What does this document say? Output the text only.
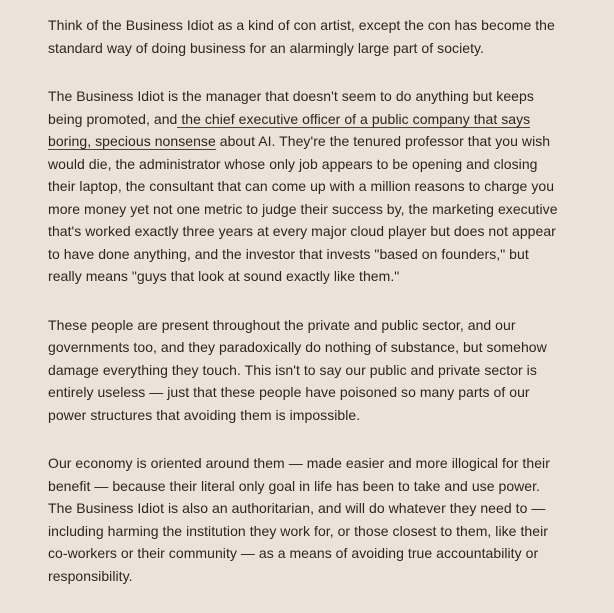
Think of the Business Idiot as a kind of con artist, except the con has become the standard way of doing business for an alarmingly large part of society.

The Business Idiot is the manager that doesn't seem to do anything but keeps being promoted, and the chief executive officer of a public company that says boring, specious nonsense about AI. They're the tenured professor that you wish would die, the administrator whose only job appears to be opening and closing their laptop, the consultant that can come up with a million reasons to charge you more money yet not one metric to judge their success by, the marketing executive that's worked exactly three years at every major cloud player but does not appear to have done anything, and the investor that invests "based on founders," but really means "guys that look at sound exactly like them."

These people are present throughout the private and public sector, and our governments too, and they paradoxically do nothing of substance, but somehow damage everything they touch. This isn't to say our public and private sector is entirely useless — just that these people have poisoned so many parts of our power structures that avoiding them is impossible.

Our economy is oriented around them — made easier and more illogical for their benefit — because their literal only goal in life has been to take and use power. The Business Idiot is also an authoritarian, and will do whatever they need to — including harming the institution they work for, or those closest to them, like their co-workers or their community — as a means of avoiding true accountability or responsibility.
